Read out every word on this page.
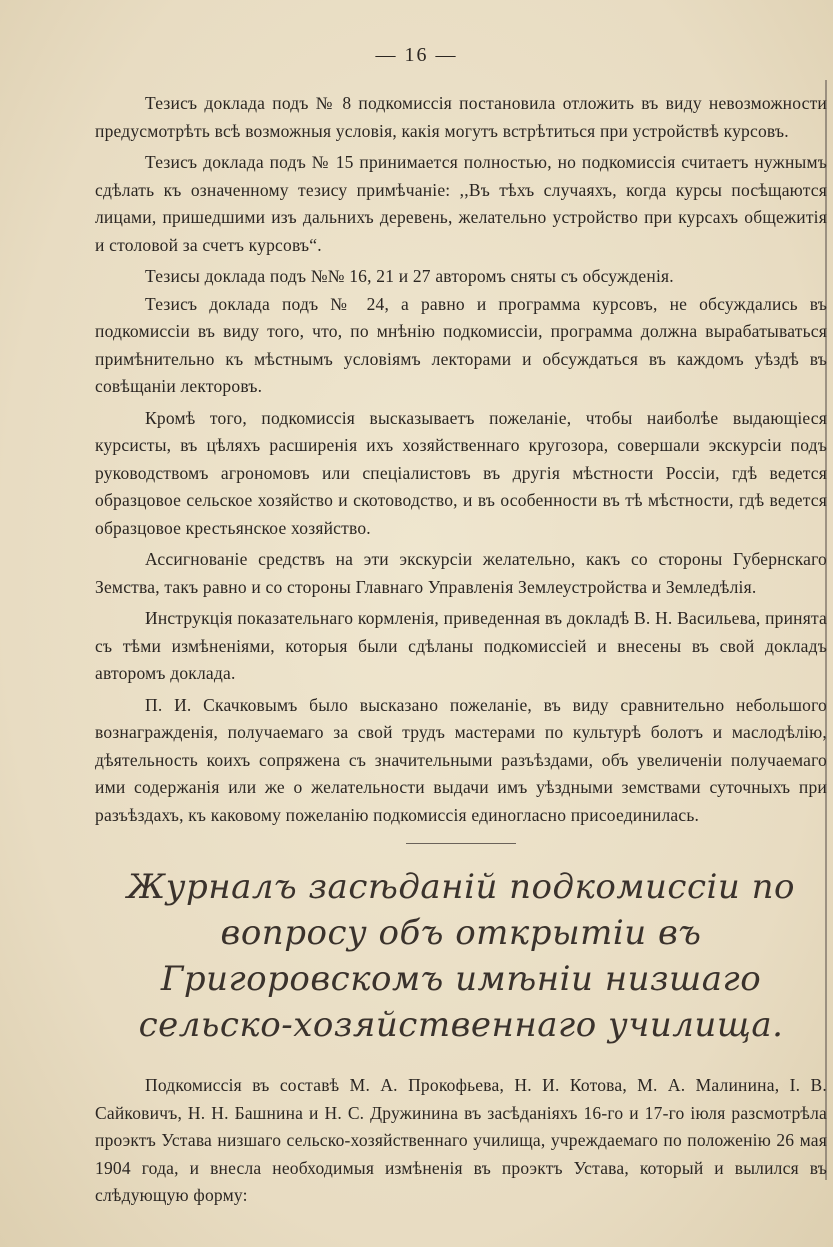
— 16 —

Тезисъ доклада подъ № 8 подкомиссія постановила отложить въ виду невозможности предусмотрѣть всѣ возможныя условія, какія могутъ встрѣтиться при устройствѣ курсовъ.

Тезисъ доклада подъ № 15 принимается полностью, но подкомиссія считаетъ нужнымъ сдѣлать къ означенному тезису примѣчаніе: ,,Въ тѣхъ случаяхъ, когда курсы посѣщаются лицами, пришедшими изъ дальнихъ деревень, желательно устройство при курсахъ общежитія и столовой за счетъ курсовъ“.

Тезисы доклада подъ №№ 16, 21 и 27 авторомъ сняты съ обсужденія.

Тезисъ доклада подъ № 24, а равно и программа курсовъ, не обсуждались въ подкомиссіи въ виду того, что, по мнѣнію подкомиссіи, программа должна вырабатываться примѣнительно къ мѣстнымъ условіямъ лекторами и обсуждаться въ каждомъ уѣздѣ въ совѣщаніи лекторовъ.

Кромѣ того, подкомиссія высказываетъ пожеланіе, чтобы наиболѣе выдающіеся курсисты, въ цѣляхъ расширенія ихъ хозяйственнаго кругозора, совершали экскурсіи подъ руководствомъ агрономовъ или спеціалистовъ въ другія мѣстности Россіи, гдѣ ведется образцовое сельское хозяйство и скотоводство, и въ особенности въ тѣ мѣстности, гдѣ ведется образцовое крестьянское хозяйство.

Ассигнованіе средствъ на эти экскурсіи желательно, какъ со стороны Губернскаго Земства, такъ равно и со стороны Главнаго Управленія Землеустройства и Земледѣлія.

Инструкція показательнаго кормленія, приведенная въ докладѣ В. Н. Васильева, принята съ тѣми измѣненіями, которыя были сдѣланы подкомиссіей и внесены въ свой докладъ авторомъ доклада.

П. И. Скачковымъ было высказано пожеланіе, въ виду сравнительно небольшого вознагражденія, получаемаго за свой трудъ мастерами по культурѣ болотъ и маслодѣлію, дѣятельность коихъ сопряжена съ значительными разъѣздами, объ увеличеніи получаемаго ими содержанія или же о желательности выдачи имъ уѣздными земствами суточныхъ при разъѣздахъ, къ каковому пожеланію подкомиссія единогласно присоединилась.

Журналъ засѣданій подкомиссіи по вопросу объ открытіи въ Григоровскомъ имѣніи низшаго сельско-хозяйственнаго училища.

Подкомиссія въ составѣ М. А. Прокофьева, Н. И. Котова, М. А. Малинина, І. В. Сайковичъ, Н. Н. Башнина и Н. С. Дружинина въ засѣданіяхъ 16-го и 17-го іюля разсмотрѣла проэктъ Устава низшаго сельско-хозяйственнаго училища, учреждаемаго по положенію 26 мая 1904 года, и внесла необходимыя измѣненія въ проэктъ Устава, который и вылился въ слѣдующую форму:
